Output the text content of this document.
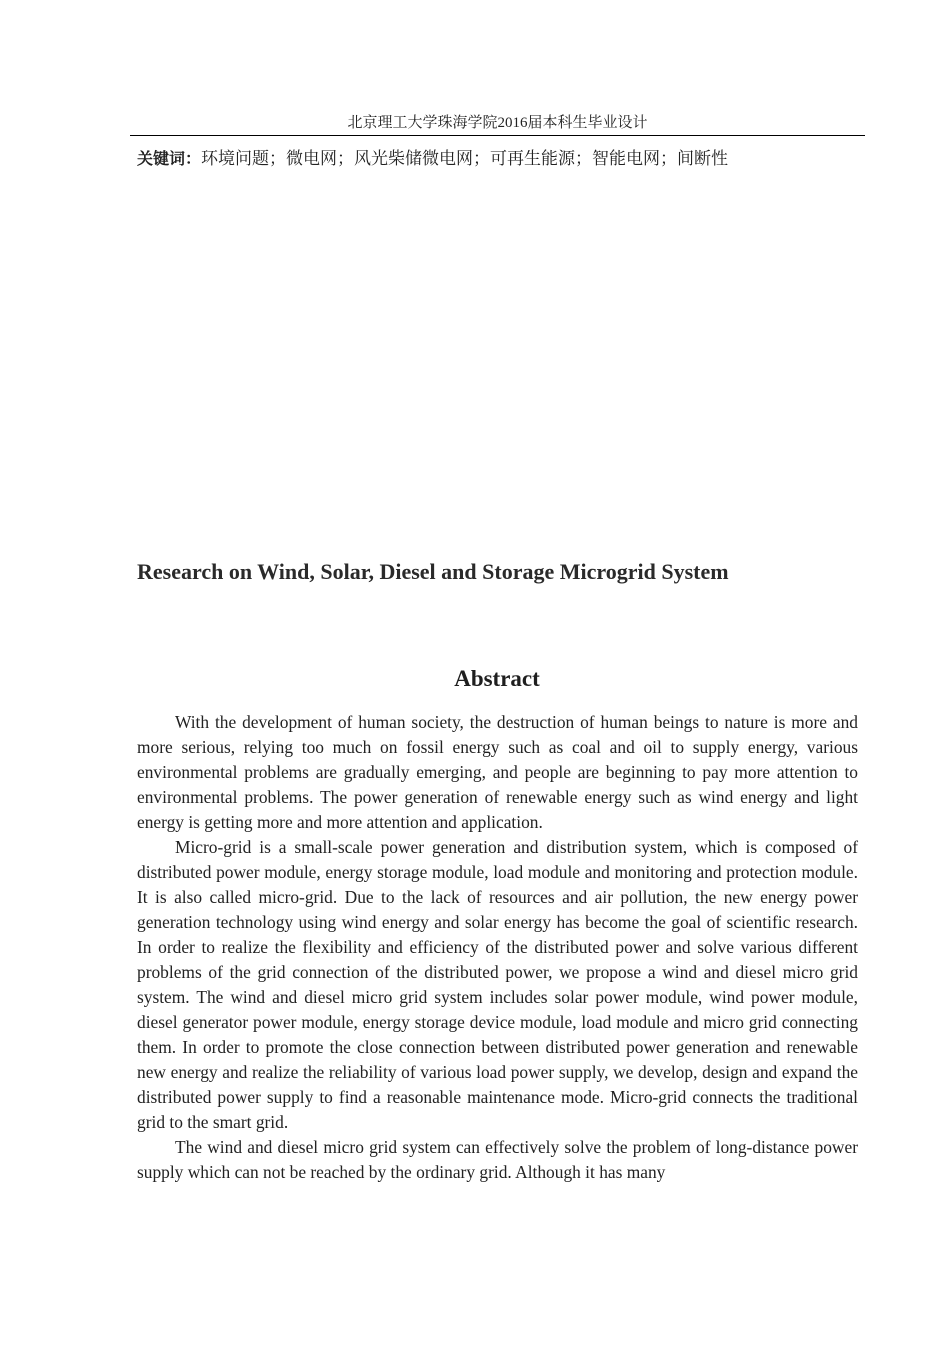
北京理工大学珠海学院2016届本科生毕业设计
关键词：环境问题；微电网；风光柴储微电网；可再生能源；智能电网；间断性
Research on Wind, Solar, Diesel and Storage Microgrid System
Abstract

With the development of human society, the destruction of human beings to nature is more and more serious, relying too much on fossil energy such as coal and oil to supply energy, various environmental problems are gradually emerging, and people are beginning to pay more attention to environmental problems. The power generation of renewable energy such as wind energy and light energy is getting more and more attention and application.

Micro-grid is a small-scale power generation and distribution system, which is composed of distributed power module, energy storage module, load module and monitoring and protection module. It is also called micro-grid. Due to the lack of resources and air pollution, the new energy power generation technology using wind energy and solar energy has become the goal of scientific research. In order to realize the flexibility and efficiency of the distributed power and solve various different problems of the grid connection of the distributed power, we propose a wind and diesel micro grid system. The wind and diesel micro grid system includes solar power module, wind power module, diesel generator power module, energy storage device module, load module and micro grid connecting them. In order to promote the close connection between distributed power generation and renewable new energy and realize the reliability of various load power supply, we develop, design and expand the distributed power supply to find a reasonable maintenance mode. Micro-grid connects the traditional grid to the smart grid.

The wind and diesel micro grid system can effectively solve the problem of long-distance power supply which can not be reached by the ordinary grid. Although it has many
